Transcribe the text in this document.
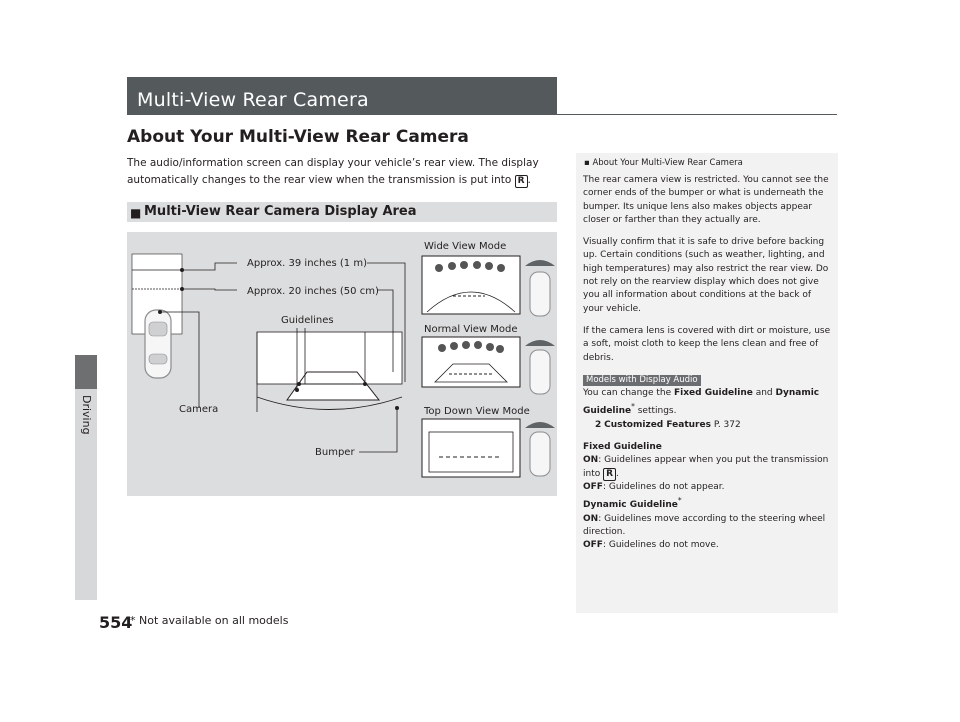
Driving
Multi-View Rear Camera
About Your Multi-View Rear Camera
The audio/information screen can display your vehicle’s rear view. The display
automatically changes to the rear view when the transmission is put into R .
■ Multi-View Rear Camera Display Area
Camera
Guidelines
Bumper
Approx. 39 inches (1 m)
Approx. 20 inches (50 cm)
Wide View Mode
Normal View Mode
Top Down View Mode
▪ About Your Multi-View Rear Camera

The rear camera view is restricted. You cannot see the corner ends of the bumper or what is underneath the bumper. Its unique lens also makes objects appear closer or farther than they actually are.

Visually confirm that it is safe to drive before backing up. Certain conditions (such as weather, lighting, and high temperatures) may also restrict the rear view. Do not rely on the rearview display which does not give you all information about conditions at the back of your vehicle.

If the camera lens is covered with dirt or moisture, use a soft, moist cloth to keep the lens clean and free of debris.

Models with Display Audio
You can change the Fixed Guideline and Dynamic Guideline* settings.
2 Customized Features P. 372
Fixed Guideline
ON: Guidelines appear when you put the transmission into R .
OFF: Guidelines do not appear.
Dynamic Guideline*
ON: Guidelines move according to the steering wheel direction.
OFF: Guidelines do not move.
554
* Not available on all models
